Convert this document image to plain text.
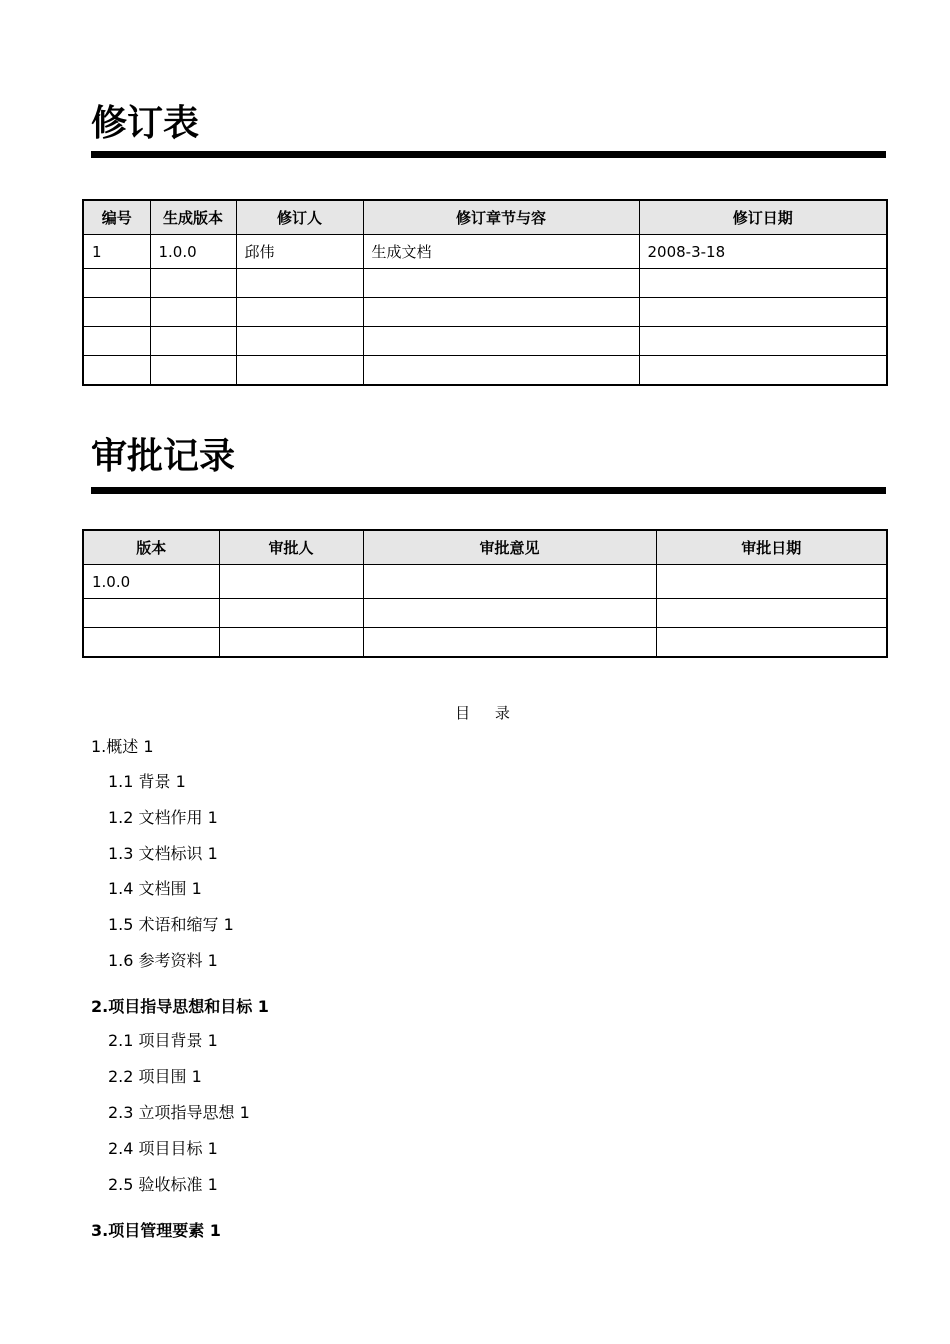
修订表
编号	生成版本	修订人	修订章节与容	修订日期
1	1.0.0	邱伟	生成文档	2008-3-18

审批记录
版本	审批人	审批意见	审批日期
1.0.0			

目 录
1.概述 1
1.1 背景 1
1.2 文档作用 1
1.3 文档标识 1
1.4 文档围 1
1.5 术语和缩写 1
1.6 参考资料 1
2.项目指导思想和目标 1
2.1 项目背景 1
2.2 项目围 1
2.3 立项指导思想 1
2.4 项目目标 1
2.5 验收标准 1
3.项目管理要素 1
